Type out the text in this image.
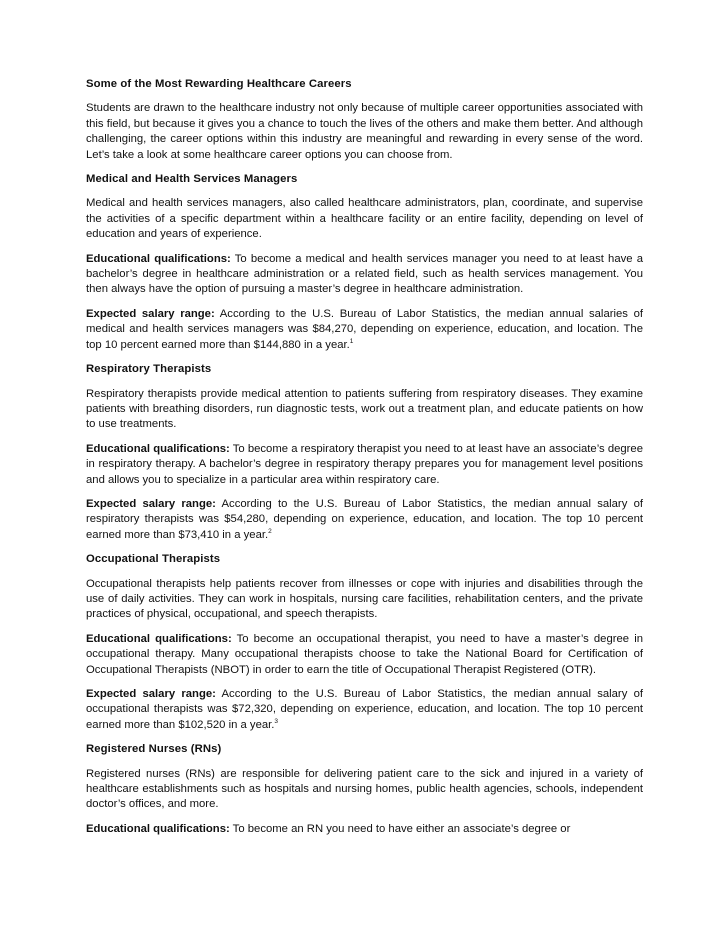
Some of the Most Rewarding Healthcare Careers
Students are drawn to the healthcare industry not only because of multiple career opportunities associated with this field, but because it gives you a chance to touch the lives of the others and make them better. And although challenging, the career options within this industry are meaningful and rewarding in every sense of the word. Let’s take a look at some healthcare career options you can choose from.
Medical and Health Services Managers
Medical and health services managers, also called healthcare administrators, plan, coordinate, and supervise the activities of a specific department within a healthcare facility or an entire facility, depending on level of education and years of experience.
Educational qualifications: To become a medical and health services manager you need to at least have a bachelor’s degree in healthcare administration or a related field, such as health services management. You then always have the option of pursuing a master’s degree in healthcare administration.
Expected salary range: According to the U.S. Bureau of Labor Statistics, the median annual salaries of medical and health services managers was $84,270, depending on experience, education, and location. The top 10 percent earned more than $144,880 in a year.$^1$
Respiratory Therapists
Respiratory therapists provide medical attention to patients suffering from respiratory diseases. They examine patients with breathing disorders, run diagnostic tests, work out a treatment plan, and educate patients on how to use treatments.
Educational qualifications: To become a respiratory therapist you need to at least have an associate’s degree in respiratory therapy. A bachelor’s degree in respiratory therapy prepares you for management level positions and allows you to specialize in a particular area within respiratory care.
Expected salary range: According to the U.S. Bureau of Labor Statistics, the median annual salary of respiratory therapists was $54,280, depending on experience, education, and location. The top 10 percent earned more than $73,410 in a year.$^2$
Occupational Therapists
Occupational therapists help patients recover from illnesses or cope with injuries and disabilities through the use of daily activities. They can work in hospitals, nursing care facilities, rehabilitation centers, and the private practices of physical, occupational, and speech therapists.
Educational qualifications: To become an occupational therapist, you need to have a master’s degree in occupational therapy. Many occupational therapists choose to take the National Board for Certification of Occupational Therapists (NBOT) in order to earn the title of Occupational Therapist Registered (OTR).
Expected salary range: According to the U.S. Bureau of Labor Statistics, the median annual salary of occupational therapists was $72,320, depending on experience, education, and location. The top 10 percent earned more than $102,520 in a year.$^3$
Registered Nurses (RNs)
Registered nurses (RNs) are responsible for delivering patient care to the sick and injured in a variety of healthcare establishments such as hospitals and nursing homes, public health agencies, schools, independent doctor’s offices, and more.
Educational qualifications: To become an RN you need to have either an associate’s degree or
